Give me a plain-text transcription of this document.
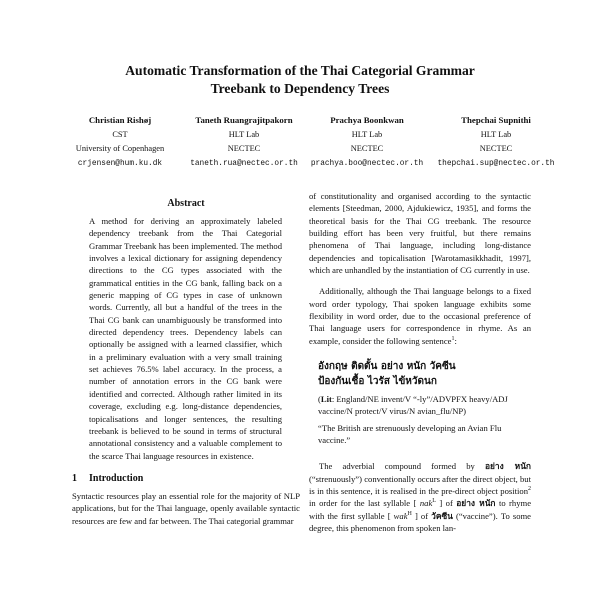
Automatic Transformation of the Thai Categorial Grammar
Treebank to Dependency Trees
Christian Rishøj
CST
University of Copenhagen
crjensen@hum.ku.dk
Taneth Ruangrajitpakorn
HLT Lab
NECTEC
taneth.rua@nectec.or.th
Prachya Boonkwan
HLT Lab
NECTEC
prachya.boo@nectec.or.th
Thepchai Supnithi
HLT Lab
NECTEC
thepchai.sup@nectec.or.th
Abstract

A method for deriving an approximately labeled dependency treebank from the Thai Categorial Grammar Treebank has been implemented. The method involves a lexical dictionary for assigning dependency directions to the CG types associated with the grammatical entities in the CG bank, falling back on a generic mapping of CG types in case of unknown words. Currently, all but a handful of the trees in the Thai CG bank can unambiguously be transformed into directed dependency trees. Dependency labels can optionally be assigned with a learned classifier, which in a preliminary evaluation with a very small training set achieves 76.5% label accuracy. In the process, a number of annotation errors in the CG bank were identified and corrected. Although rather limited in its coverage, excluding e.g. long-distance dependencies, topicalisations and longer sentences, the resulting treebank is believed to be sound in terms of structural annotational consistency and a valuable complement to the scarce Thai language resources in existence.

1 Introduction

Syntactic resources play an essential role for the majority of NLP applications, but for the Thai language, openly available syntactic resources are few and far between. The Thai categorial grammar

of constitutionality and organised according to the syntactic elements [Steedman, 2000, Ajdukiewicz, 1935], and forms the theoretical basis for the Thai CG treebank. The resource building effort has been very fruitful, but there remains phenomena of Thai language, including long-distance dependencies and topicalisation [Warotamasikkhadit, 1997], which are unhandled by the instantiation of CG currently in use.

Additionally, although the Thai language belongs to a fixed word order typology, Thai spoken language exhibits some flexibility in word order, due to the occasional preference of Thai language users for correspondence in rhyme. As an example, consider the following sentence$^1$:

อังกฤษ ติดตั้น อย่าง หนัก วัคซีน
ป้องกันเชื้อ ไวรัส ไข้หวัดนก
(Lit: England/NE invent/V “-ly”/ADVPFX heavy/ADJ vaccine/N protect/V virus/N avian_flu/NP)
“The British are strenuously developing an Avian Flu vaccine.”

The adverbial compound formed by อย่าง หนัก (“strenuously”) conventionally occurs after the direct object, but is in this sentence, it is realised in the pre-direct object position$^2$ in order for the last syllable [ nak$^L$ ] of อย่าง หนัก to rhyme with the first syllable [ wak$^H$ ] of วัคซีน (“vaccine”). To some degree, this phenomenon from spoken lan-
